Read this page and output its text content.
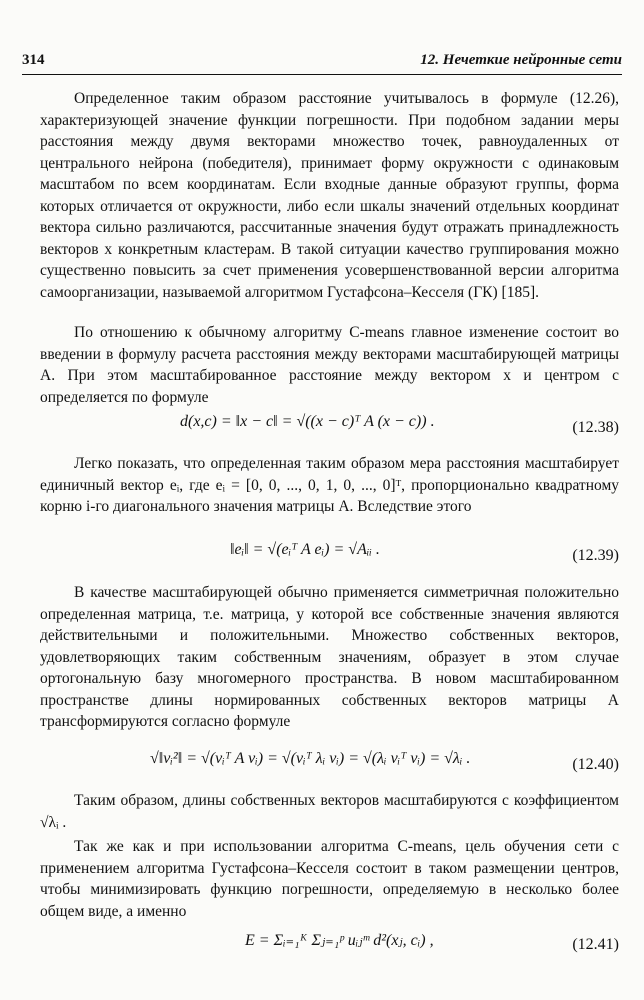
314	12. Нечеткие нейронные сети

Определенное таким образом расстояние учитывалось в формуле (12.26), характеризующей значение функции погрешности. При подобном задании меры расстояния между двумя векторами множество точек, равноудаленных от центрального нейрона (победителя), принимает форму окружности с одинаковым масштабом по всем координатам. Если входные данные образуют группы, форма которых отличается от окружности, либо если шкалы значений отдельных координат вектора сильно различаются, рассчитанные значения будут отражать принадлежность векторов x конкретным кластерам. В такой ситуации качество группирования можно существенно повысить за счет применения усовершенствованной версии алгоритма самоорганизации, называемой алгоритмом Густафсона–Кесселя (ГК) [185].

По отношению к обычному алгоритму C-means главное изменение состоит во введении в формулу расчета расстояния между векторами масштабирующей матрицы A. При этом масштабированное расстояние между вектором x и центром c определяется по формуле

d(x,c) = ‖x − c‖ = √((x − c)ᵀ A (x − c)) .	(12.38)

Легко показать, что определенная таким образом мера расстояния масштабирует единичный вектор eᵢ, где eᵢ = [0, 0, ..., 0, 1, 0, ..., 0]ᵀ, пропорционально квадратному корню i-го диагонального значения матрицы A. Вследствие этого

‖eᵢ‖ = √(eᵢᵀ A eᵢ) = √Aᵢᵢ .	(12.39)

В качестве масштабирующей обычно применяется симметричная положительно определенная матрица, т.е. матрица, у которой все собственные значения являются действительными и положительными. Множество собственных векторов, удовлетворяющих таким собственным значениям, образует в этом случае ортогональную базу многомерного пространства. В новом масштабированном пространстве длины нормированных собственных векторов матрицы A трансформируются согласно формуле

√‖vᵢ²‖ = √(vᵢᵀ A vᵢ) = √(vᵢᵀ λᵢ vᵢ) = √(λᵢ vᵢᵀ vᵢ) = √λᵢ .	(12.40)

Таким образом, длины собственных векторов масштабируются с коэффициентом √λᵢ .

Так же как и при использовании алгоритма C-means, цель обучения сети с применением алгоритма Густафсона–Кесселя состоит в таком размещении центров, чтобы минимизировать функцию погрешности, определяемую в несколько более общем виде, а именно

E = Σᵢ₌₁ᴷ Σⱼ₌₁ᵖ uᵢⱼᵐ d²(xⱼ, cᵢ) ,	(12.41)
